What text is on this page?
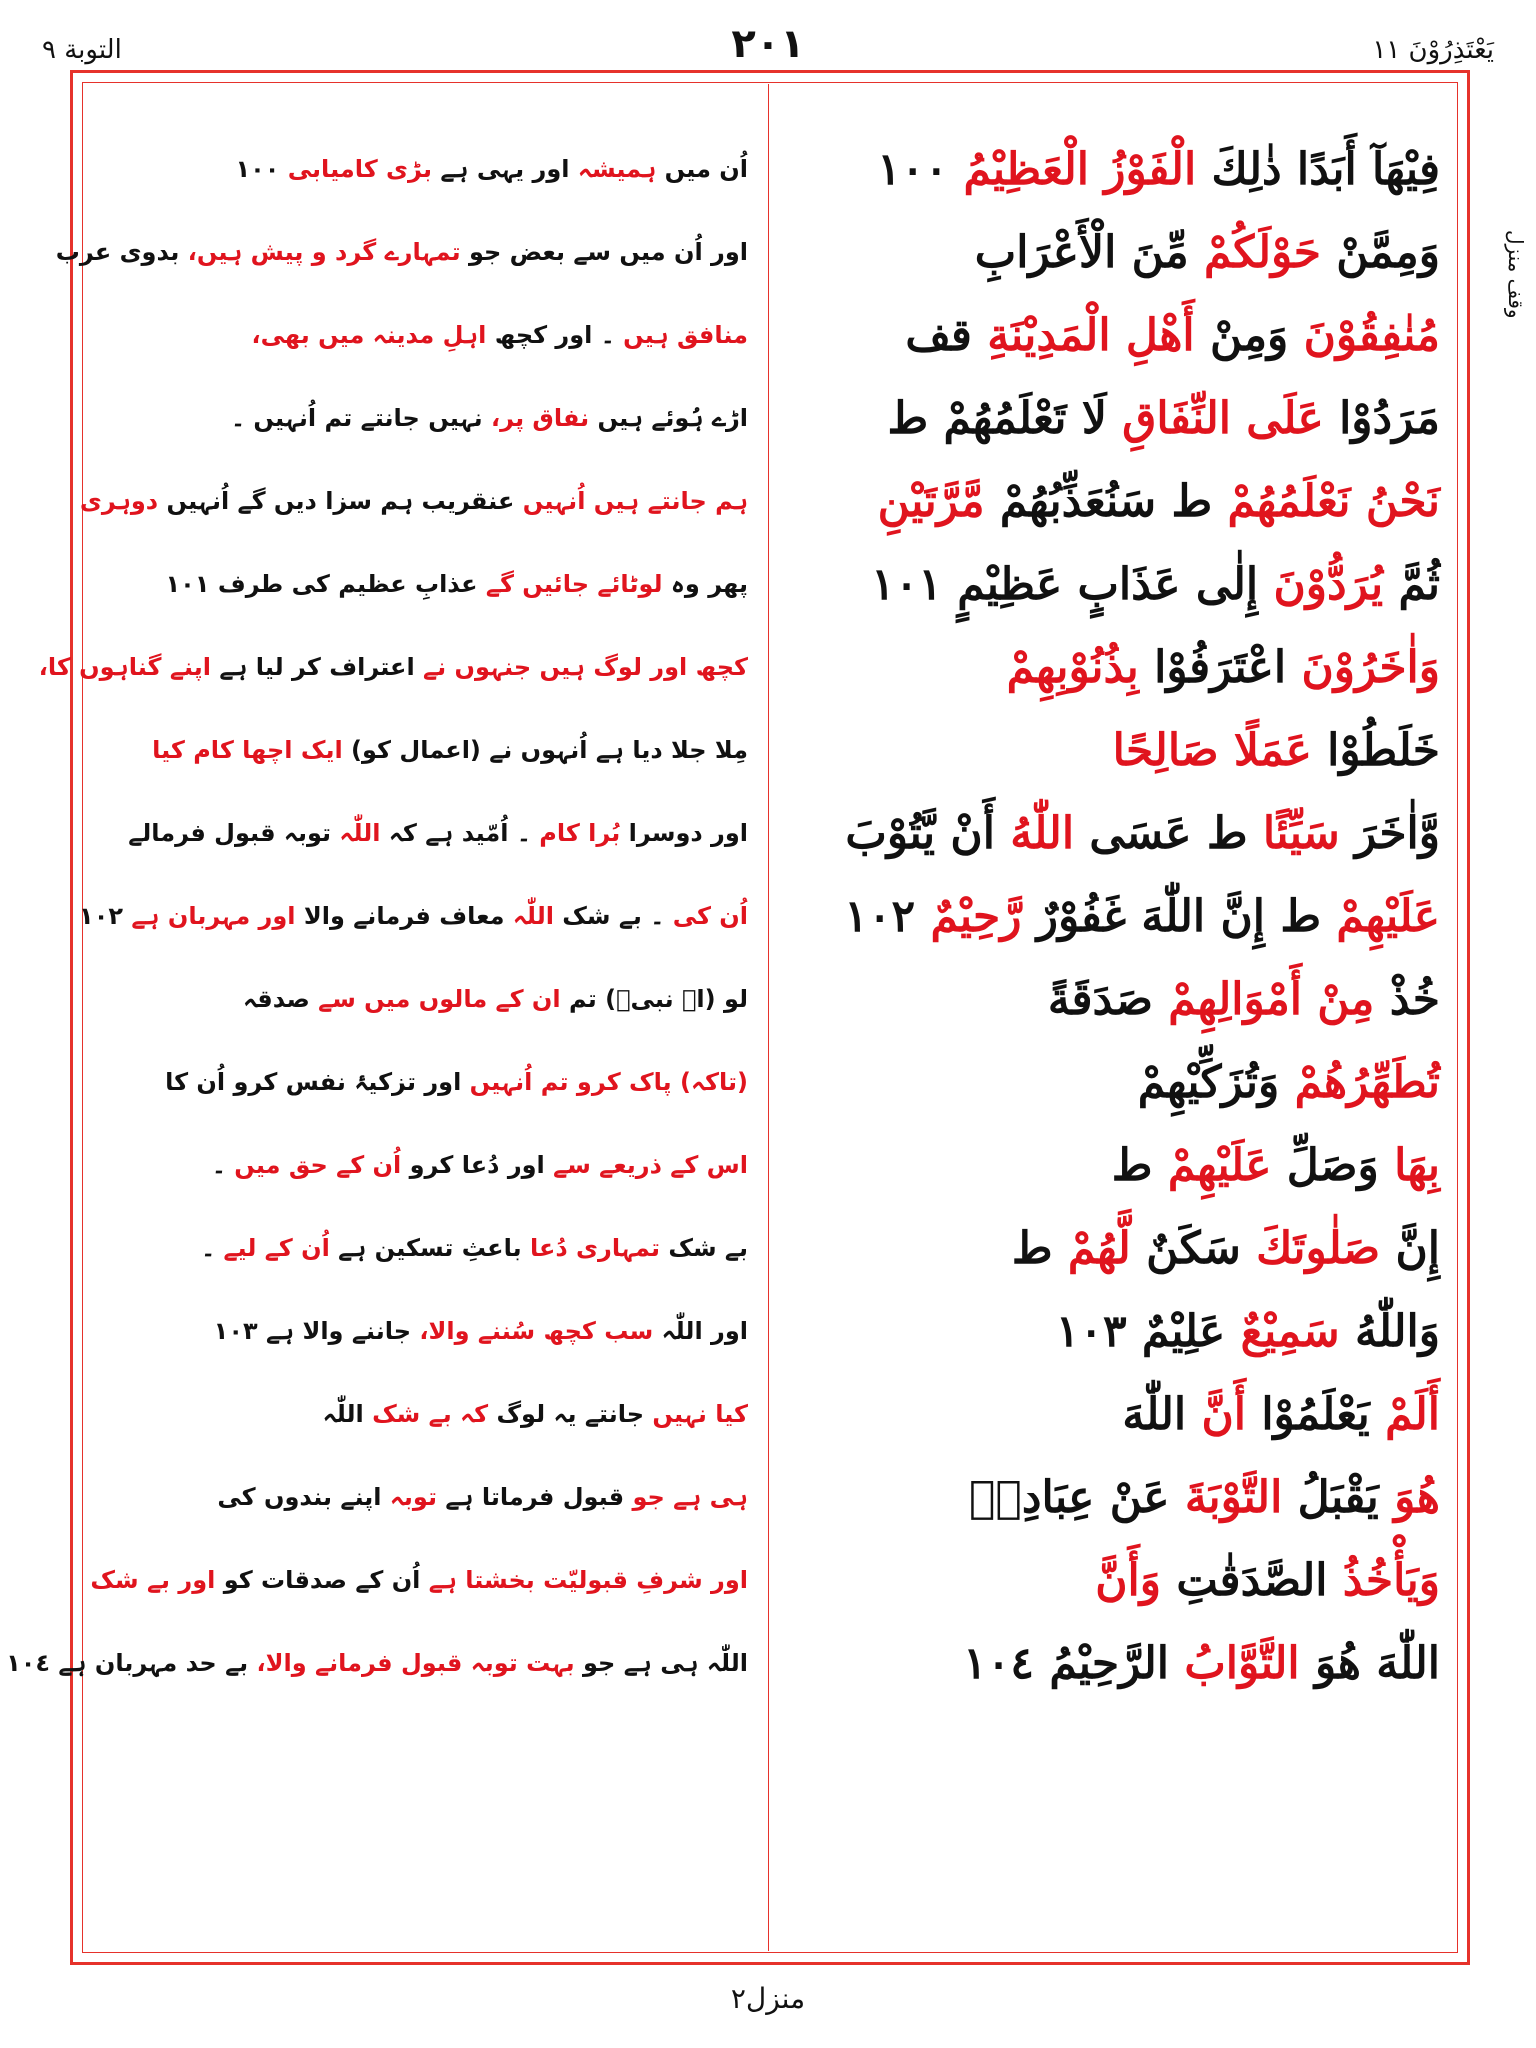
يَعْتَذِرُوْنَ ١١
٢٠١
التوبة ٩
وقف منزل
فِيْهَآ أَبَدًا ذٰلِكَ الْفَوْزُ الْعَظِيْمُ ١٠٠
وَمِمَّنْ حَوْلَكُمْ مِّنَ الْأَعْرَابِ
مُنٰفِقُوْنَ وَمِنْ أَهْلِ الْمَدِيْنَةِ قف
مَرَدُوْا عَلَى النِّفَاقِ لَا تَعْلَمُهُمْ ط
نَحْنُ نَعْلَمُهُمْ ط سَنُعَذِّبُهُمْ مَّرَّتَيْنِ
ثُمَّ يُرَدُّوْنَ إِلٰى عَذَابٍ عَظِيْمٍ ١٠١
وَاٰخَرُوْنَ اعْتَرَفُوْا بِذُنُوْبِهِمْ
خَلَطُوْا عَمَلًا صَالِحًا
وَّاٰخَرَ سَيِّئًا ط عَسَى اللّٰهُ أَنْ يَّتُوْبَ
عَلَيْهِمْ ط إِنَّ اللّٰهَ غَفُوْرٌ رَّحِيْمٌ ١٠٢
خُذْ مِنْ أَمْوَالِهِمْ صَدَقَةً
تُطَهِّرُهُمْ وَتُزَكِّيْهِمْ
بِهَا وَصَلِّ عَلَيْهِمْ ط
إِنَّ صَلٰوتَكَ سَكَنٌ لَّهُمْ ط
وَاللّٰهُ سَمِيْعٌ عَلِيْمٌ ١٠٣
أَلَمْ يَعْلَمُوْا أَنَّ اللّٰهَ
هُوَ يَقْبَلُ التَّوْبَةَ عَنْ عِبَادِهٖ
وَيَأْخُذُ الصَّدَقٰتِ وَأَنَّ
اللّٰهَ هُوَ التَّوَّابُ الرَّحِيْمُ ١٠٤
اُن میں ہمیشہ اور یہی ہے بڑی کامیابی ١٠٠
اور اُن میں سے بعض جو تمہارے گرد و پیش ہیں، بدوی عرب
منافق ہیں ۔ اور کچھ اہلِ مدینہ میں بھی،
اڑے ہُوئے ہیں نفاق پر، نہیں جانتے تم اُنہیں ۔
ہم جانتے ہیں اُنہیں عنقریب ہم سزا دیں گے اُنہیں دوہری
پھر وہ لوٹائے جائیں گے عذابِ عظیم کی طرف ١٠١
کچھ اور لوگ ہیں جنہوں نے اعتراف کر لیا ہے اپنے گناہوں کا،
مِلا جلا دیا ہے اُنہوں نے (اعمال کو) ایک اچھا کام کیا
اور دوسرا بُرا کام ۔ اُمّید ہے کہ اللّٰہ توبہ قبول فرمالے
اُن کی ۔ بے شک اللّٰہ معاف فرمانے والا اور مہربان ہے ١٠٢
لو (اے نبیؐ) تم ان کے مالوں میں سے صدقہ
(تاکہ) پاک کرو تم اُنہیں اور تزکیۂ نفس کرو اُن کا
اس کے ذریعے سے اور دُعا کرو اُن کے حق میں ۔
بے شک تمہاری دُعا باعثِ تسکین ہے اُن کے لیے ۔
اور اللّٰہ سب کچھ سُننے والا، جاننے والا ہے ١٠٣
کیا نہیں جانتے یہ لوگ کہ بے شک اللّٰہ
ہی ہے جو قبول فرماتا ہے توبہ اپنے بندوں کی
اور شرفِ قبولیّت بخشتا ہے اُن کے صدقات کو اور بے شک
اللّٰہ ہی ہے جو بہت توبہ قبول فرمانے والا، بے حد مہربان ہے ١٠٤
منزل٢
